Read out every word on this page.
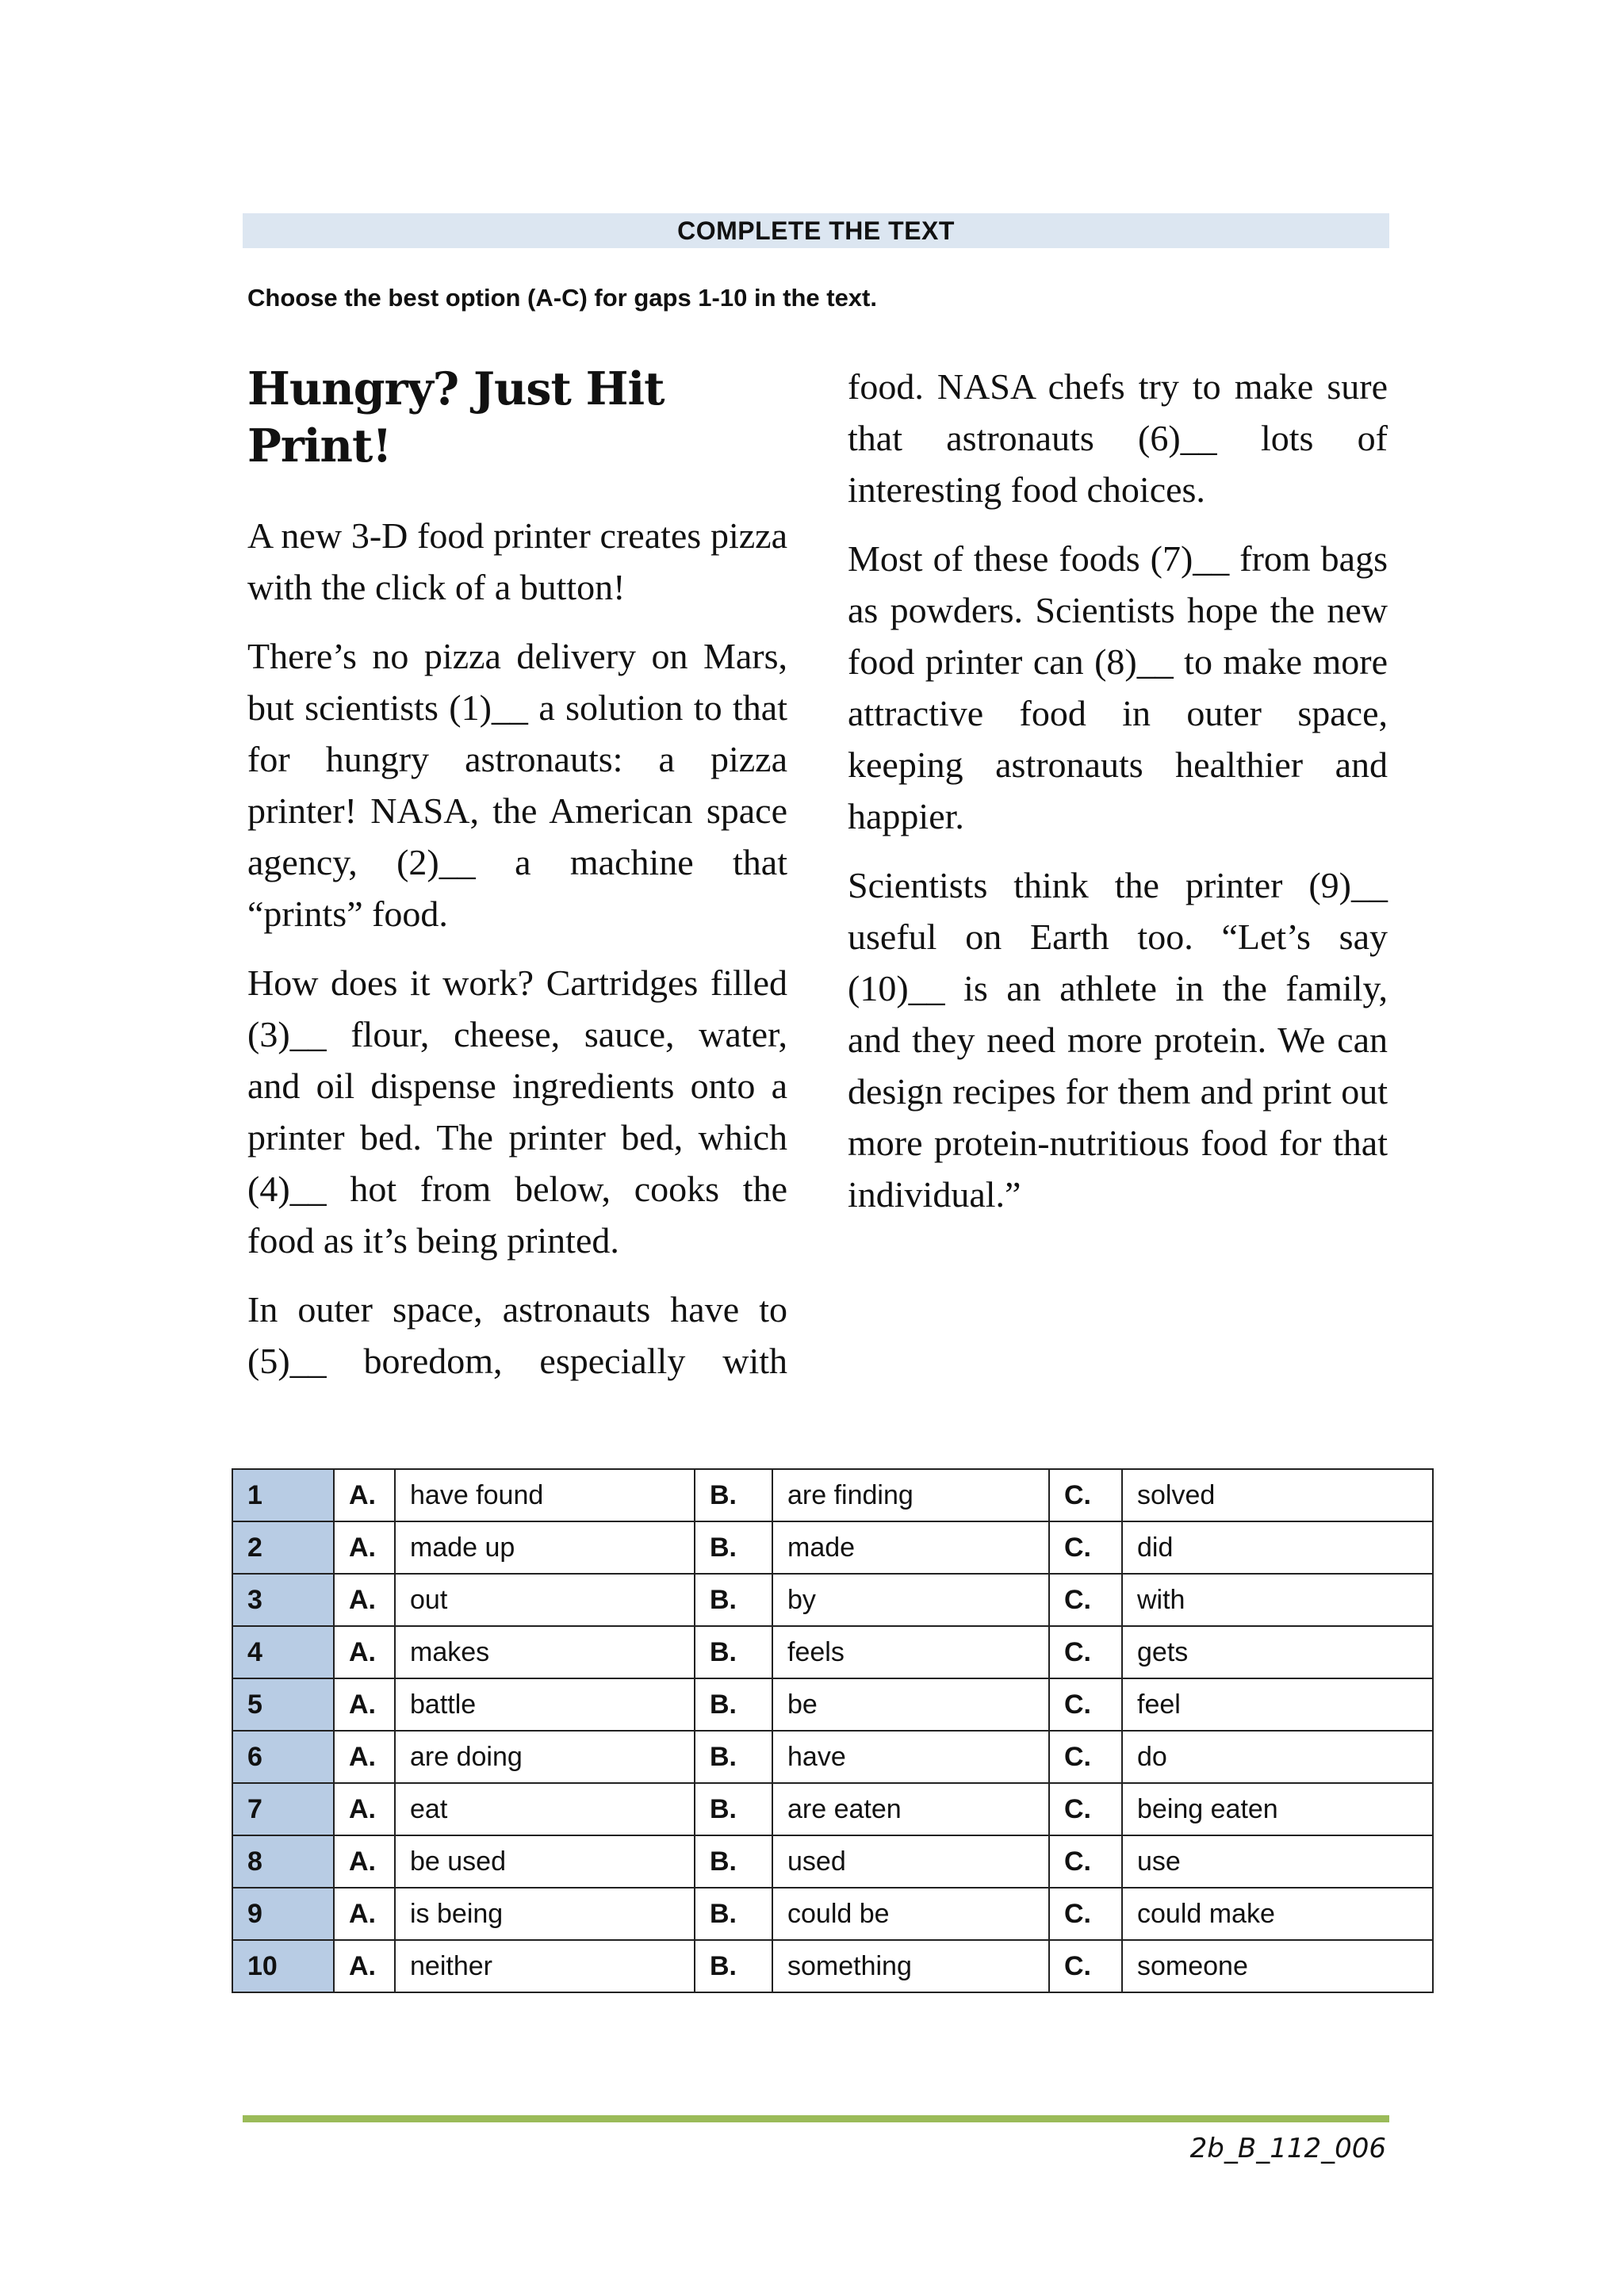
COMPLETE THE TEXT
Choose the best option (A-C) for gaps 1-10 in the text.
Hungry? Just Hit Print!

A new 3-D food printer creates pizza with the click of a button!

There’s no pizza delivery on Mars, but scientists (1)__ a solution to that for hungry astronauts: a pizza printer! NASA, the American space agency, (2)__ a machine that “prints” food.

How does it work? Cartridges filled (3)__ flour, cheese, sauce, water, and oil dispense ingredients onto a printer bed. The printer bed, which (4)__ hot from below, cooks the food as it’s being printed.

In outer space, astronauts have to (5)__ boredom, especially with food. NASA chefs try to make sure that astronauts (6)__ lots of interesting food choices.

Most of these foods (7)__ from bags as powders. Scientists hope the new food printer can (8)__ to make more attractive food in outer space, keeping astronauts healthier and happier.

Scientists think the printer (9)__ useful on Earth too. “Let’s say (10)__ is an athlete in the family, and they need more protein. We can design recipes for them and print out more protein-nutritious food for that individual.”

1	A.	have found	B.	are finding	C.	solved
2	A.	made up	B.	made	C.	did
3	A.	out	B.	by	C.	with
4	A.	makes	B.	feels	C.	gets
5	A.	battle	B.	be	C.	feel
6	A.	are doing	B.	have	C.	do
7	A.	eat	B.	are eaten	C.	being eaten
8	A.	be used	B.	used	C.	use
9	A.	is being	B.	could be	C.	could make
10	A.	neither	B.	something	C.	someone
2b_B_112_006
